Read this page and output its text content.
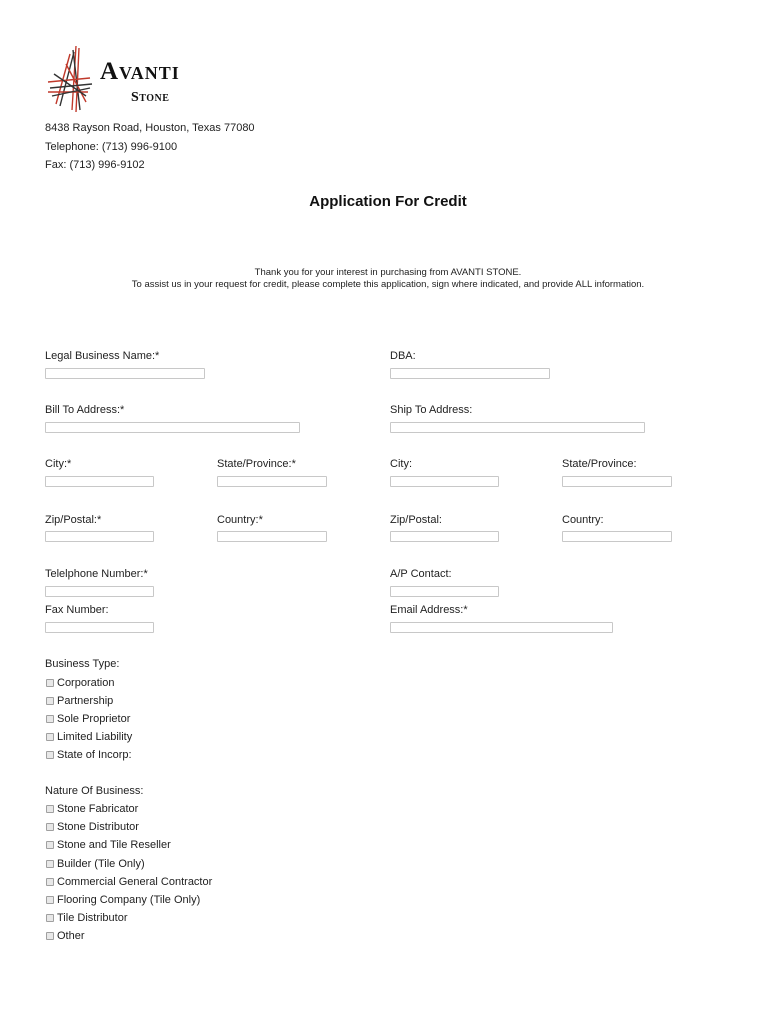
Avanti
Stone
8438 Rayson Road, Houston, Texas 77080
Telephone: (713) 996-9100
Fax: (713) 996-9102
Application For Credit
Thank you for your interest in purchasing from AVANTI STONE.
To assist us in your request for credit, please complete this application, sign where indicated, and provide ALL information.
Legal Business Name:*	DBA:
Bill To Address:*	Ship To Address:
City:*	State/Province:*	City:	State/Province:
Zip/Postal:*	Country:*	Zip/Postal:	Country:
Telelphone Number:*	A/P Contact:
Fax Number:	Email Address:*
Business Type:
Corporation
Partnership
Sole Proprietor
Limited Liability
State of Incorp:
Nature Of Business:
Stone Fabricator
Stone Distributor
Stone and Tile Reseller
Builder (Tile Only)
Commercial General Contractor
Flooring Company (Tile Only)
Tile Distributor
Other
